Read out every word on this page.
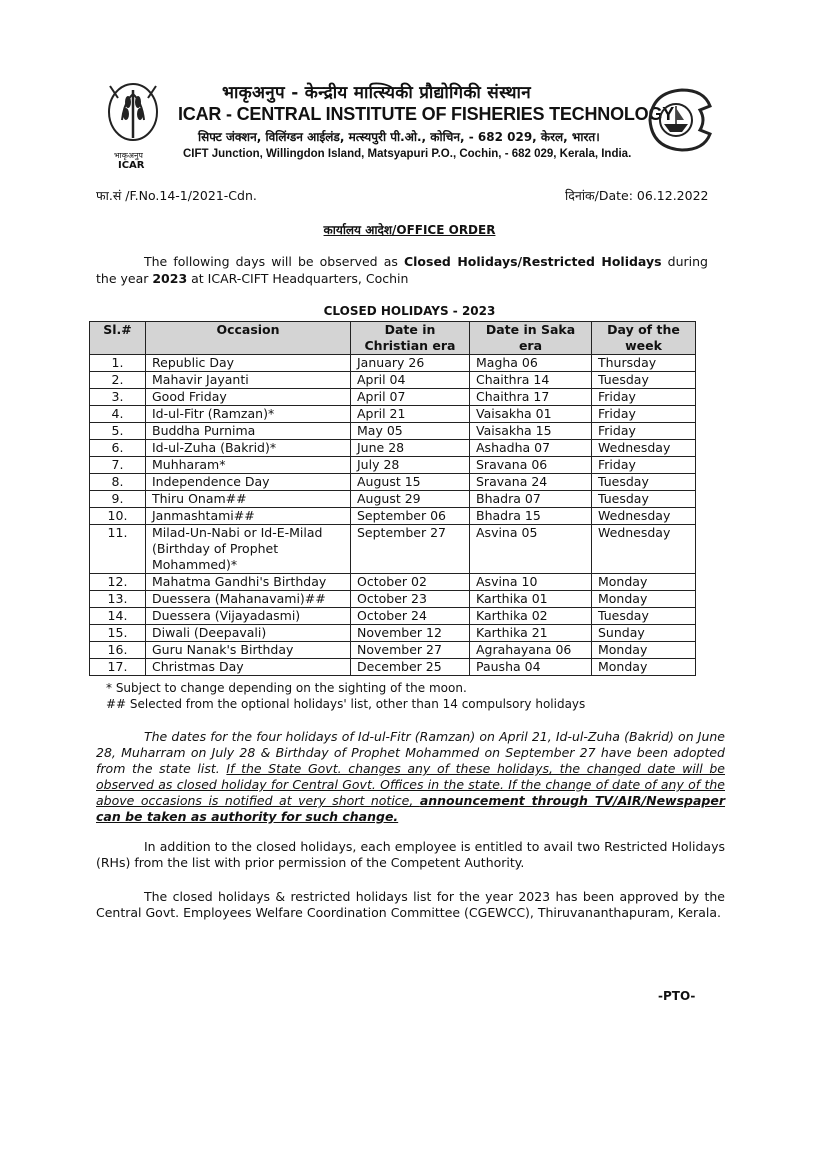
भाकृअनुप
ICAR
भाकृअनुप - केन्द्रीय मात्स्यिकी प्रौद्योगिकी संस्थान
ICAR - CENTRAL INSTITUTE OF FISHERIES TECHNOLOGY
सिफ्ट जंक्शन, विलिंग्डन आईलंड, मत्स्यपुरी पी.ओ., कोचिन, - 682 029, केरल, भारत।
CIFT Junction, Willingdon Island, Matsyapuri P.O., Cochin, - 682 029, Kerala, India.
फा.सं /F.No.14-1/2021-Cdn.	दिनांक/Date: 06.12.2022
कार्यालय आदेश/OFFICE ORDER
The following days will be observed as Closed Holidays/Restricted Holidays during the year 2023 at ICAR-CIFT Headquarters, Cochin
CLOSED HOLIDAYS - 2023
Sl.#	Occasion	Date in Christian era	Date in Saka era	Day of the week
1.	Republic Day	January 26	Magha 06	Thursday
2.	Mahavir Jayanti	April 04	Chaithra 14	Tuesday
3.	Good Friday	April 07	Chaithra 17	Friday
4.	Id-ul-Fitr (Ramzan)*	April 21	Vaisakha 01	Friday
5.	Buddha Purnima	May 05	Vaisakha 15	Friday
6.	Id-ul-Zuha (Bakrid)*	June 28	Ashadha 07	Wednesday
7.	Muhharam*	July 28	Sravana 06	Friday
8.	Independence Day	August 15	Sravana 24	Tuesday
9.	Thiru Onam##	August 29	Bhadra 07	Tuesday
10.	Janmashtami##	September 06	Bhadra 15	Wednesday
11.	Milad-Un-Nabi or Id-E-Milad (Birthday of Prophet Mohammed)*	September 27	Asvina 05	Wednesday
12.	Mahatma Gandhi's Birthday	October 02	Asvina 10	Monday
13.	Duessera (Mahanavami)##	October 23	Karthika 01	Monday
14.	Duessera (Vijayadasmi)	October 24	Karthika 02	Tuesday
15.	Diwali (Deepavali)	November 12	Karthika 21	Sunday
16.	Guru Nanak's Birthday	November 27	Agrahayana 06	Monday
17.	Christmas Day	December 25	Pausha 04	Monday
* Subject to change depending on the sighting of the moon.
## Selected from the optional holidays' list, other than 14 compulsory holidays
The dates for the four holidays of Id-ul-Fitr (Ramzan) on April 21, Id-ul-Zuha (Bakrid) on June 28, Muharram on July 28 & Birthday of Prophet Mohammed on September 27 have been adopted from the state list. If the State Govt. changes any of these holidays, the changed date will be observed as closed holiday for Central Govt. Offices in the state. If the change of date of any of the above occasions is notified at very short notice, announcement through TV/AIR/Newspaper can be taken as authority for such change.
In addition to the closed holidays, each employee is entitled to avail two Restricted Holidays (RHs) from the list with prior permission of the Competent Authority.
The closed holidays & restricted holidays list for the year 2023 has been approved by the Central Govt. Employees Welfare Coordination Committee (CGEWCC), Thiruvananthapuram, Kerala.
-PTO-
